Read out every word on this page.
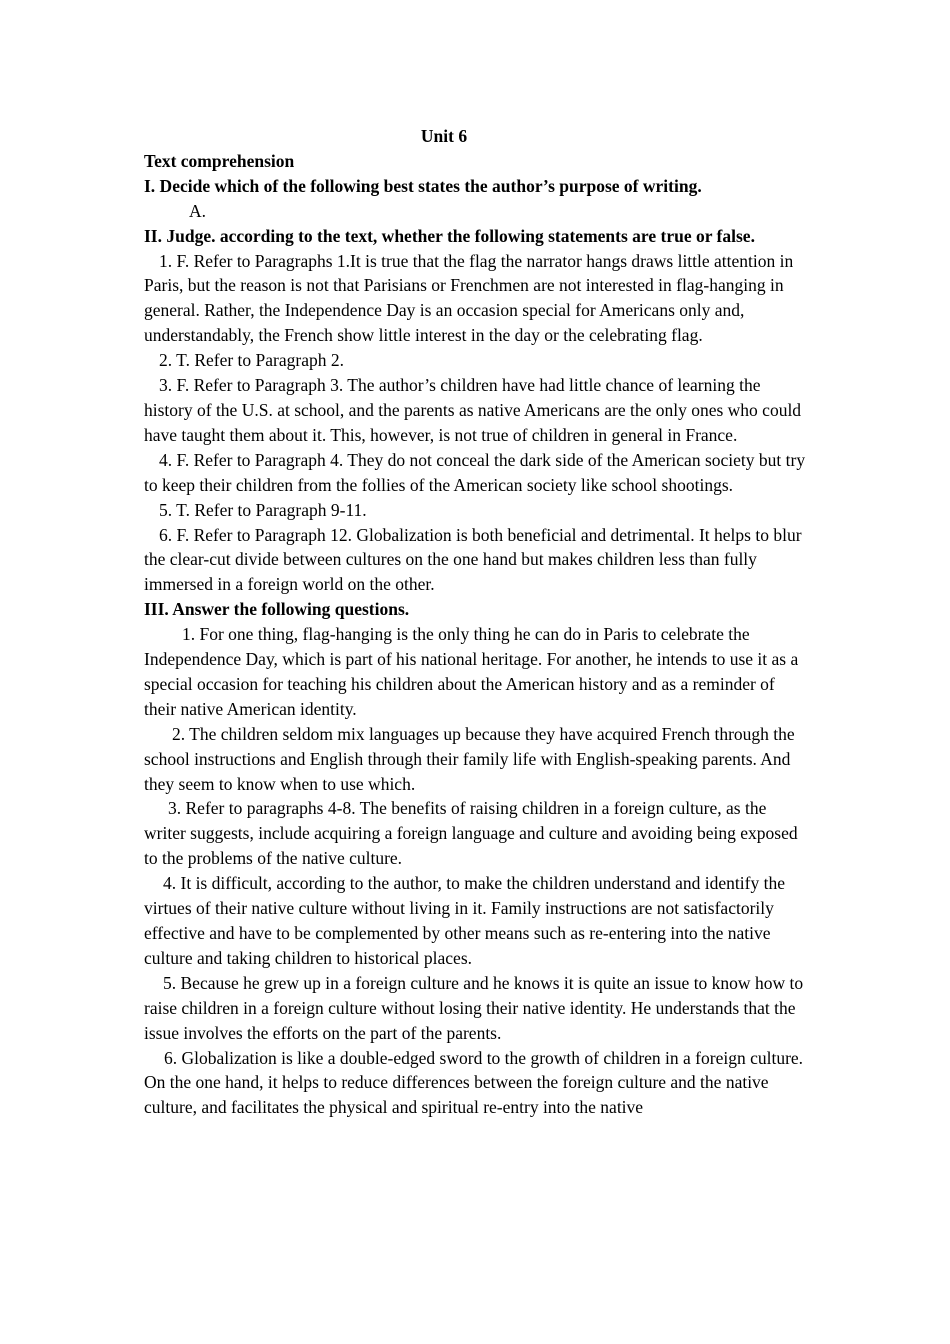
Unit 6

Text comprehension

I. Decide which of the following best states the author’s purpose of writing.

A.

II. Judge. according to the text, whether the following statements are true or false.

1. F. Refer to Paragraphs 1.It is true that the flag the narrator hangs draws little attention in Paris, but the reason is not that Parisians or Frenchmen are not interested in flag-hanging in general. Rather, the Independence Day is an occasion special for Americans only and, understandably, the French show little interest in the day or the celebrating flag.

2. T. Refer to Paragraph 2.

3. F. Refer to Paragraph 3. The author’s children have had little chance of learning the history of the U.S. at school, and the parents as native Americans are the only ones who could have taught them about it. This, however, is not true of children in general in France.

4. F. Refer to Paragraph 4. They do not conceal the dark side of the American society but try to keep their children from the follies of the American society like school shootings.

5. T. Refer to Paragraph 9-11.

6. F. Refer to Paragraph 12. Globalization is both beneficial and detrimental. It helps to blur the clear-cut divide between cultures on the one hand but makes children less than fully immersed in a foreign world on the other.

III. Answer the following questions.

1. For one thing, flag-hanging is the only thing he can do in Paris to celebrate the Independence Day, which is part of his national heritage. For another, he intends to use it as a special occasion for teaching his children about the American history and as a reminder of their native American identity.

2. The children seldom mix languages up because they have acquired French through the school instructions and English through their family life with English-speaking parents. And they seem to know when to use which.

3. Refer to paragraphs 4-8. The benefits of raising children in a foreign culture, as the writer suggests, include acquiring a foreign language and culture and avoiding being exposed to the problems of the native culture.

4. It is difficult, according to the author, to make the children understand and identify the virtues of their native culture without living in it. Family instructions are not satisfactorily effective and have to be complemented by other means such as re-entering into the native culture and taking children to historical places.

5. Because he grew up in a foreign culture and he knows it is quite an issue to know how to raise children in a foreign culture without losing their native identity. He understands that the issue involves the efforts on the part of the parents.

6. Globalization is like a double-edged sword to the growth of children in a foreign culture. On the one hand, it helps to reduce differences between the foreign culture and the native culture, and facilitates the physical and spiritual re-entry into the native
